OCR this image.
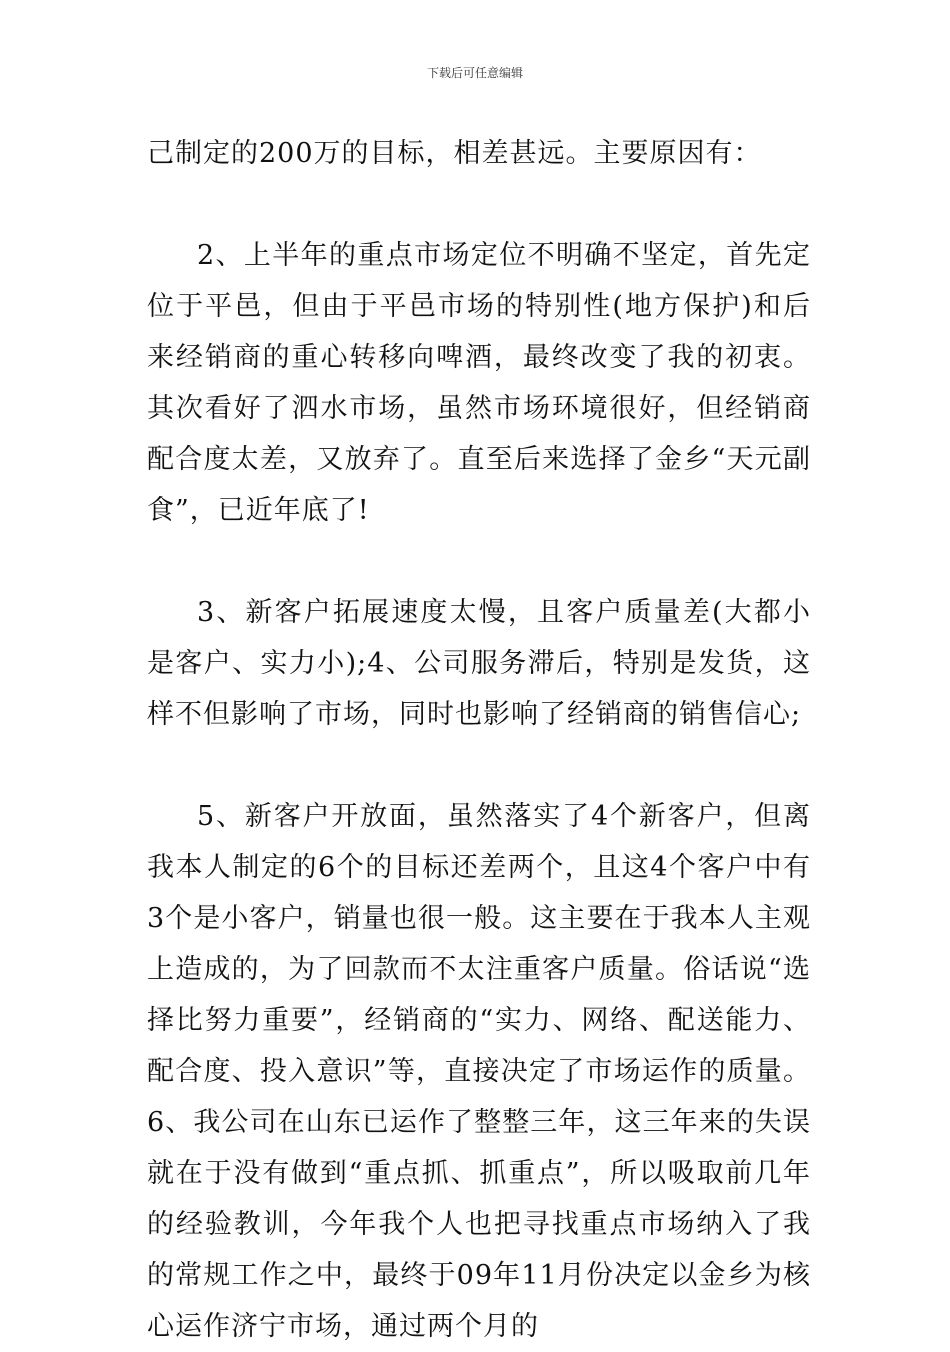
下载后可任意编辑

己制定的200万的目标，相差甚远。主要原因有：

2、上半年的重点市场定位不明确不坚定，首先定位于平邑，但由于平邑市场的特别性(地方保护)和后来经销商的重心转移向啤酒，最终改变了我的初衷。其次看好了泗水市场，虽然市场环境很好，但经销商配合度太差，又放弃了。直至后来选择了金乡“天元副食”，已近年底了!

3、新客户拓展速度太慢，且客户质量差(大都小是客户、实力小);4、公司服务滞后，特别是发货，这样不但影响了市场，同时也影响了经销商的销售信心;

5、新客户开放面，虽然落实了4个新客户，但离我本人制定的6个的目标还差两个，且这4个客户中有3个是小客户，销量也很一般。这主要在于我本人主观上造成的，为了回款而不太注重客户质量。俗话说“选择比努力重要”，经销商的“实力、网络、配送能力、配合度、投入意识”等，直接决定了市场运作的质量。6、我公司在山东已运作了整整三年，这三年来的失误就在于没有做到“重点抓、抓重点”，所以吸取前几年的经验教训，今年我个人也把寻找重点市场纳入了我的常规工作之中，最终于09年11月份决定以金乡为核心运作济宁市场，通过两个月的
